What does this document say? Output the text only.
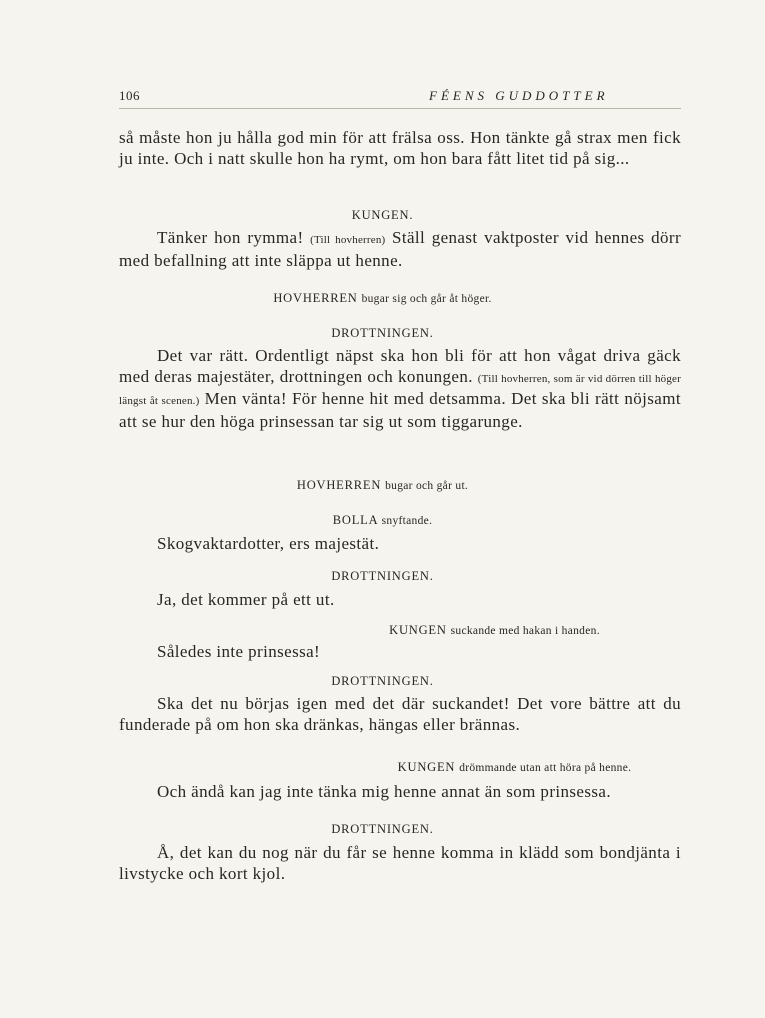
106	FÉENS GUDDOTTER

så måste hon ju hålla god min för att frälsa oss. Hon tänkte gå strax men fick ju inte. Och i natt skulle hon ha rymt, om hon bara fått litet tid på sig...

KUNGEN.

Tänker hon rymma! (Till hovherren) Ställ genast vaktposter vid hennes dörr med befallning att inte släppa ut henne.

HOVHERREN bugar sig och går åt höger.

DROTTNINGEN.

Det var rätt. Ordentligt näpst ska hon bli för att hon vågat driva gäck med deras majestäter, drottningen och konungen. (Till hovherren, som är vid dörren till höger längst åt scenen.) Men vänta! För henne hit med detsamma. Det ska bli rätt nöjsamt att se hur den höga prinsessan tar sig ut som tiggarunge.

HOVHERREN bugar och går ut.

BOLLA snyftande.

Skogvaktardotter, ers majestät.

DROTTNINGEN.

Ja, det kommer på ett ut.

KUNGEN suckande med hakan i handen.

Således inte prinsessa!

DROTTNINGEN.

Ska det nu börjas igen med det där suckandet! Det vore bättre att du funderade på om hon ska dränkas, hängas eller brännas.

KUNGEN drömmande utan att höra på henne.

Och ändå kan jag inte tänka mig henne annat än som prinsessa.

DROTTNINGEN.

Å, det kan du nog när du får se henne komma in klädd som bondjänta i livstycke och kort kjol.
